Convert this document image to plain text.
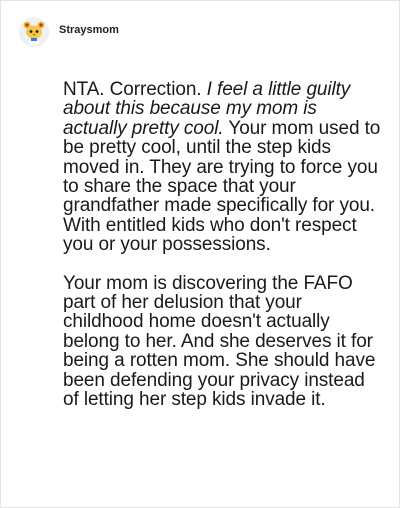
Straysmom

NTA. Correction. I feel a little guilty about this because my mom is actually pretty cool. Your mom used to be pretty cool, until the step kids moved in. They are trying to force you to share the space that your grandfather made specifically for you. With entitled kids who don't respect you or your possessions.

Your mom is discovering the FAFO part of her delusion that your childhood home doesn't actually belong to her. And she deserves it for being a rotten mom. She should have been defending your privacy instead of letting her step kids invade it.
